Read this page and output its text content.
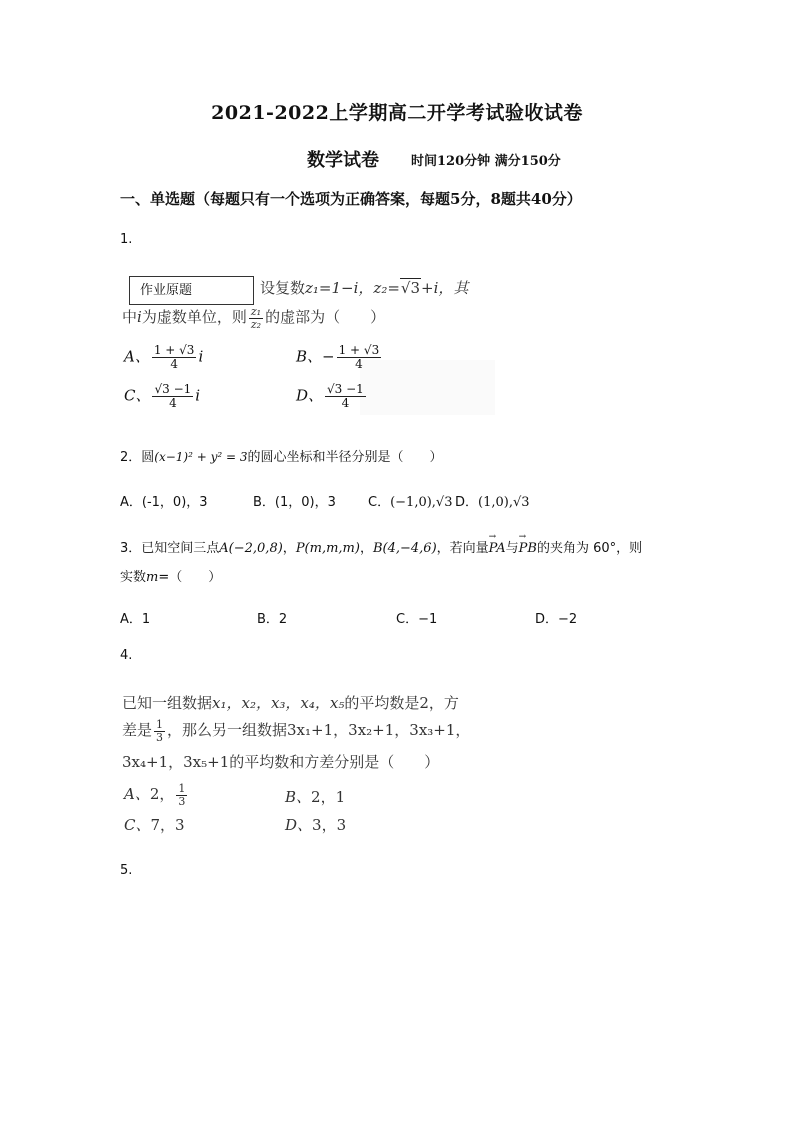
2021-2022上学期高二开学考试验收试卷
数学试卷 时间120分钟 满分150分
一、单选题（每题只有一个选项为正确答案，每题5分，8题共40分）
1.
作业原题	设复数z₁=1−i，z₂=√3+i，其
中i为虚数单位，则 $\frac{\text{z₁}}{\text{z₂}}$ 的虚部为（　　）
A、 $\frac{1 + √3}{4}$ i	B、− $\frac{1 + √3}{4}$
C、 $\frac{√3 -1}{4}$ i	D、 $\frac{√3 -1}{4}$
2．圆(x−1)² + y² = 3的圆心坐标和半径分别是（　　）
A．(-1，0)，3	B．(1，0)，3 C．(−1,0),√3 D．(1,0),√3
3．已知空间三点A(−2,0,8)，P(m,m,m)，B(4,−4,6)，若向量→ PA与→ PB的夹角为 60°，则
实数m=（　　）
A．1	B．2	C．−1	D．−2
4.
已知一组数据x₁，x₂，x₃，x₄，x₅的平均数是2，方
差是 $\frac{1}{3}$ ，那么另一组数据3x₁+1，3x₂+1，3x₃+1，
3x₄+1，3x₅+1的平均数和方差分别是（　　）
A、2， $\frac{1}{3}$	B、2，1
C、7，3	D、3，3
5.
